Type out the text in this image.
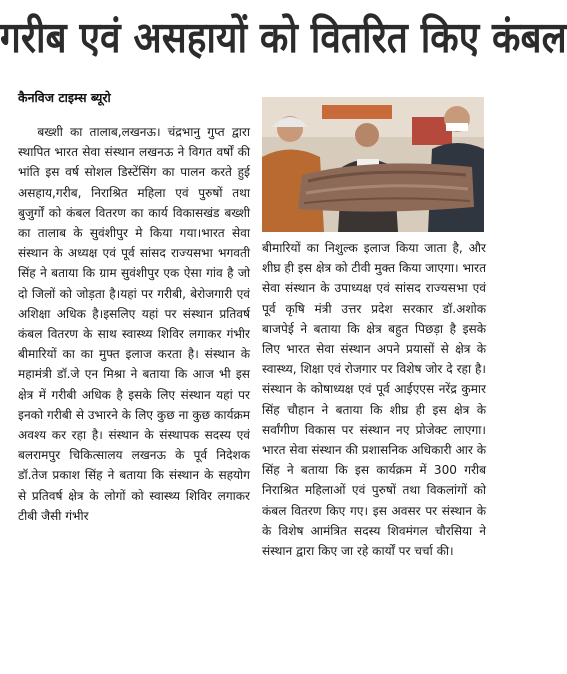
गरीब एवं असहायों को वितरित किए कंबल
कैनविज टाइम्स ब्यूरो

बख्शी का तालाब,लखनऊ। चंद्रभानु गुप्त द्वारा स्थापित भारत सेवा संस्थान लखनऊ ने विगत वर्षों की भांति इस वर्ष सोशल डिस्टेंसिंग का पालन करते हुई असहाय,गरीब, निराश्रित महिला एवं पुरुषों तथा बुजुर्गों को कंबल वितरण का कार्य विकासखंड बख्शी का तालाब के सुवंशीपुर मे किया गया।भारत सेवा संस्थान के अध्यक्ष एवं पूर्व सांसद राज्यसभा भगवती सिंह ने बताया कि ग्राम सुवंशीपुर एक ऐसा गांव है जो दो जिलों को जोड़ता है।यहां पर गरीबी, बेरोजगारी एवं अशिक्षा अधिक है।इसलिए यहां पर संस्थान प्रतिवर्ष कंबल वितरण के साथ स्वास्थ्य शिविर लगाकर गंभीर बीमारियों का का मुफ्त इलाज करता है। संस्थान के महामंत्री डॉ.जे एन मिश्रा ने बताया कि आज भी इस क्षेत्र में गरीबी अधिक है इसके लिए संस्थान यहां पर इनको गरीबी से उभारने के लिए कुछ ना कुछ कार्यक्रम अवश्य कर रहा है। संस्थान के संस्थापक सदस्य एवं बलरामपुर चिकित्सालय लखनऊ के पूर्व निदेशक डॉ.तेज प्रकाश सिंह ने बताया कि संस्थान के सहयोग से प्रतिवर्ष क्षेत्र के लोगों को स्वास्थ्य शिविर लगाकर टीबी जैसी गंभीर

बीमारियों का निशुल्क इलाज किया जाता है, और शीघ्र ही इस क्षेत्र को टीवी मुक्त किया जाएगा। भारत सेवा संस्थान के उपाध्यक्ष एवं सांसद राज्यसभा एवं पूर्व कृषि मंत्री उत्तर प्रदेश सरकार डॉ.अशोक बाजपेई ने बताया कि क्षेत्र बहुत पिछड़ा है इसके लिए भारत सेवा संस्थान अपने प्रयासों से क्षेत्र के स्वास्थ्य, शिक्षा एवं रोजगार पर विशेष जोर दे रहा है। संस्थान के कोषाध्यक्ष एवं पूर्व आईएएस नरेंद्र कुमार सिंह चौहान ने बताया कि शीघ्र ही इस क्षेत्र के सर्वांगीण विकास पर संस्थान नए प्रोजेक्ट लाएगा। भारत सेवा संस्थान की प्रशासनिक अधिकारी आर के सिंह ने बताया कि इस कार्यक्रम में 300 गरीब निराश्रित महिलाओं एवं पुरुषों तथा विकलांगों को कंबल वितरण किए गए। इस अवसर पर संस्थान के के विशेष आमंत्रित सदस्य शिवमंगल चौरसिया ने संस्थान द्वारा किए जा रहे कार्यों पर चर्चा की।
